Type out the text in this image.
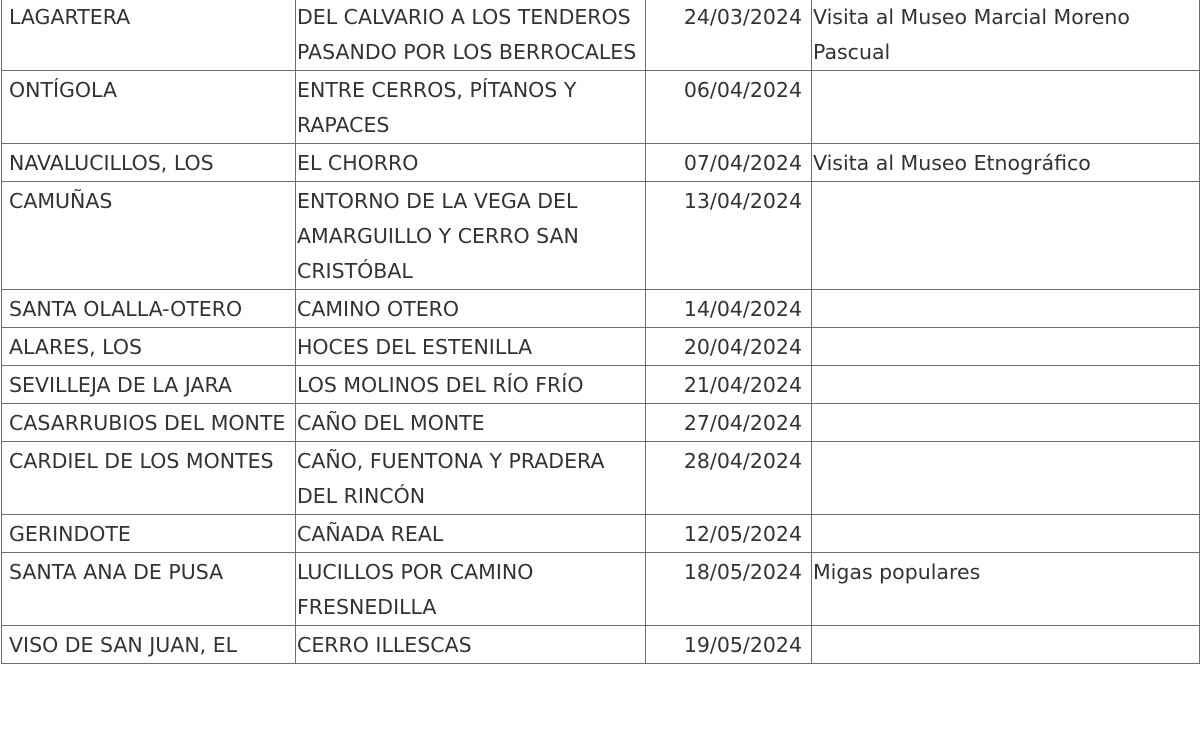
LAGARTERA	DEL CALVARIO A LOS TENDEROS PASANDO POR LOS BERROCALES	24/03/2024	Visita al Museo Marcial Moreno Pascual
ONTÍGOLA	ENTRE CERROS, PÍTANOS Y RAPACES	06/04/2024	
NAVALUCILLOS, LOS	EL CHORRO	07/04/2024	Visita al Museo Etnográfico
CAMUÑAS	ENTORNO DE LA VEGA DEL AMARGUILLO Y CERRO SAN CRISTÓBAL	13/04/2024	
SANTA OLALLA-OTERO	CAMINO OTERO	14/04/2024	
ALARES, LOS	HOCES DEL ESTENILLA	20/04/2024	
SEVILLEJA DE LA JARA	LOS MOLINOS DEL RÍO FRÍO	21/04/2024	
CASARRUBIOS DEL MONTE	CAÑO DEL MONTE	27/04/2024	
CARDIEL DE LOS MONTES	CAÑO, FUENTONA Y PRADERA DEL RINCÓN	28/04/2024	
GERINDOTE	CAÑADA REAL	12/05/2024	
SANTA ANA DE PUSA	LUCILLOS POR CAMINO FRESNEDILLA	18/05/2024	Migas populares
VISO DE SAN JUAN, EL	CERRO ILLESCAS	19/05/2024	
